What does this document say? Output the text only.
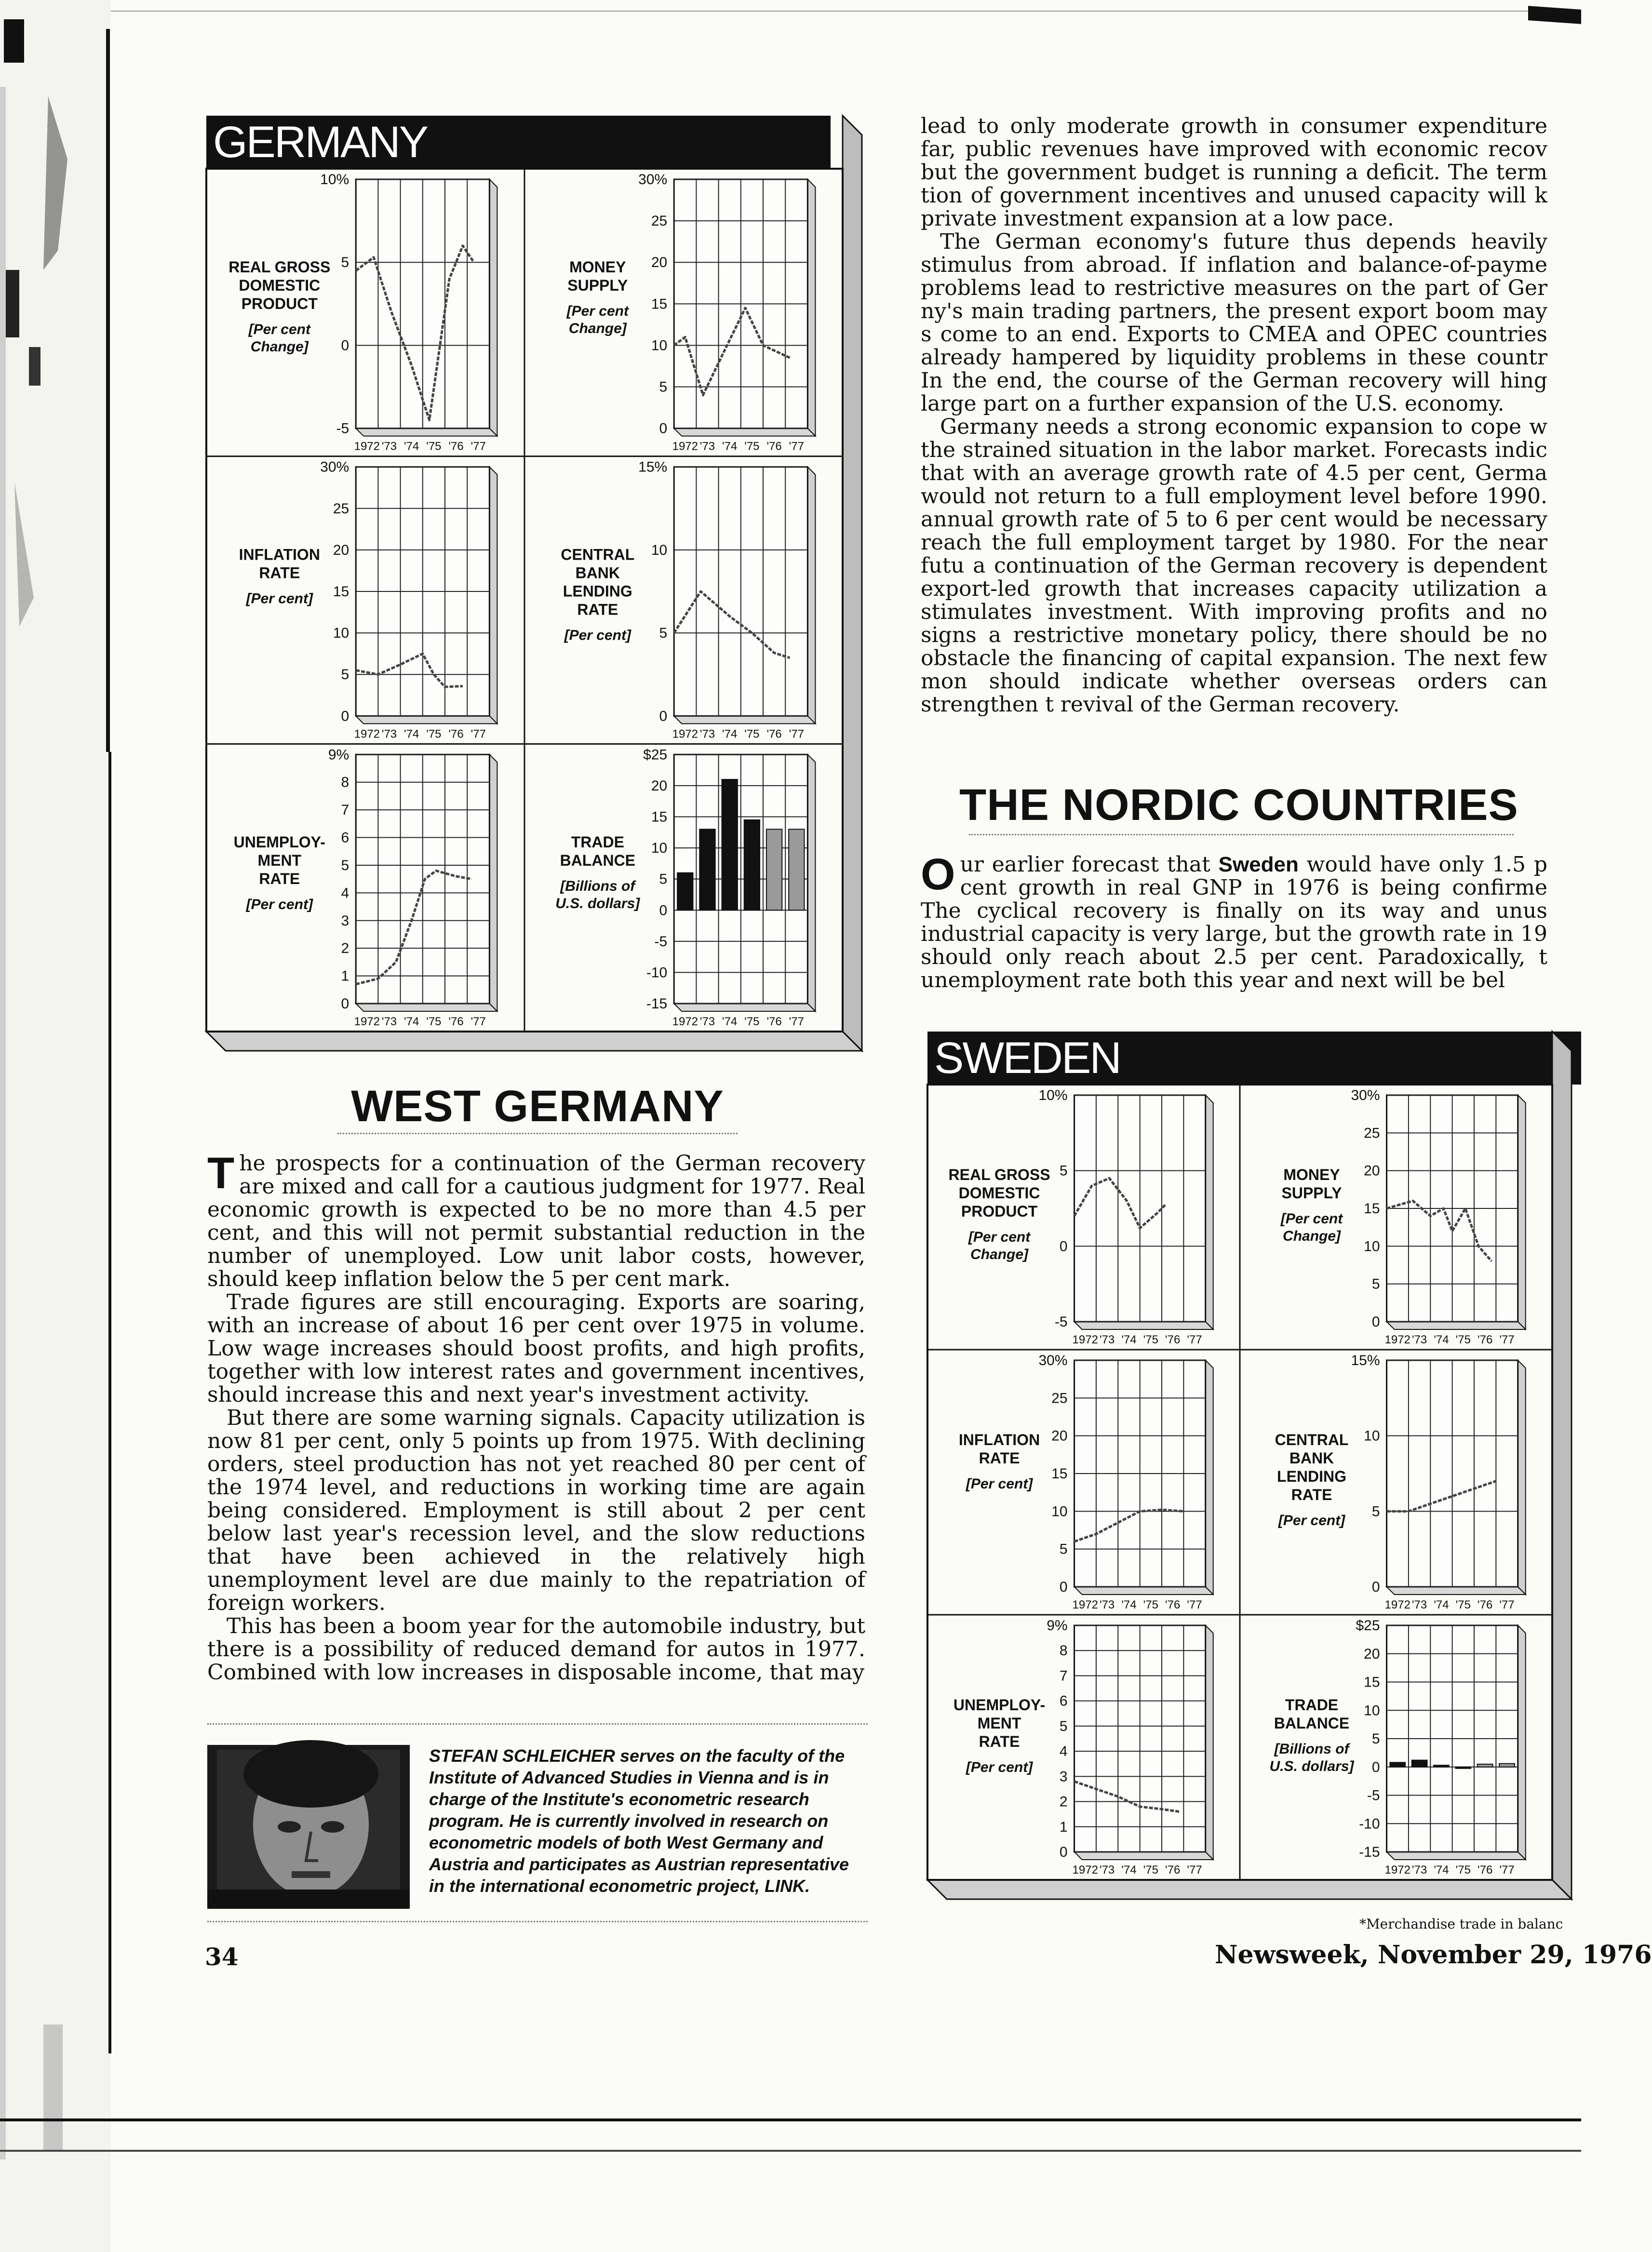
GERMANY
10%
5
0
-5
1972 '73 '74 '75 '76 '77
REAL GROSS
DOMESTIC
PRODUCT
[Per cent
Change]
30%
25
20
15
10
5
0
1972 '73 '74 '75 '76 '77
MONEY
SUPPLY
[Per cent
Change]
30%
25
20
15
10
5
0
1972 '73 '74 '75 '76 '77
INFLATION
RATE
[Per cent]
15%
10
5
0
1972 '73 '74 '75 '76 '77
CENTRAL
BANK
LENDING
RATE
[Per cent]
9%
8
7
6
5
4
3
2
1
0
1972 '73 '74 '75 '76 '77
UNEMPLOY-
MENT
RATE
[Per cent]
$25
20
15
10
5
0
-5
-10
-15
1972 '73 '74 '75 '76 '77
TRADE
BALANCE
[Billions of
U.S. dollars]
WEST GERMANY

The prospects for a continuation of the German recovery are mixed and call for a cautious judgment for 1977. Real economic growth is expected to be no more than 4.5 per cent, and this will not permit substantial reduction in the number of unemployed. Low unit labor costs, however, should keep inflation below the 5 per cent mark.

Trade figures are still encouraging. Exports are soaring, with an increase of about 16 per cent over 1975 in volume. Low wage increases should boost profits, and high profits, together with low interest rates and government incentives, should increase this and next year's investment activity.

But there are some warning signals. Capacity utilization is now 81 per cent, only 5 points up from 1975. With declining orders, steel production has not yet reached 80 per cent of the 1974 level, and reductions in working time are again being considered. Employment is still about 2 per cent below last year's recession level, and the slow reductions that have been achieved in the relatively high unemployment level are due mainly to the repatriation of foreign workers.

This has been a boom year for the automobile industry, but there is a possibility of reduced demand for autos in 1977. Combined with low increases in disposable income, that may

STEFAN SCHLEICHER serves on the faculty of the Institute of Advanced Studies in Vienna and is in charge of the Institute's econometric research program. He is currently involved in research on econometric models of both West Germany and Austria and participates as Austrian representative in the international econometric project, LINK.
34

lead to only moderate growth in consumer expenditure far, public revenues have improved with economic recov but the government budget is running a deficit. The term tion of government incentives and unused capacity will k private investment expansion at a low pace.

The German economy's future thus depends heavily stimulus from abroad. If inflation and balance-of-payme problems lead to restrictive measures on the part of Ger ny's main trading partners, the present export boom may s come to an end. Exports to CMEA and OPEC countries already hampered by liquidity problems in these countr In the end, the course of the German recovery will hing large part on a further expansion of the U.S. economy.

Germany needs a strong economic expansion to cope w the strained situation in the labor market. Forecasts indic that with an average growth rate of 4.5 per cent, Germa would not return to a full employment level before 1990. annual growth rate of 5 to 6 per cent would be necessary reach the full employment target by 1980. For the near futu a continuation of the German recovery is dependent export-led growth that increases capacity utilization a stimulates investment. With improving profits and no signs a restrictive monetary policy, there should be no obstacle the financing of capital expansion. The next few mon should indicate whether overseas orders can strengthen t revival of the German recovery.

THE NORDIC COUNTRIES

Our earlier forecast that Sweden would have only 1.5 p cent growth in real GNP in 1976 is being confirme The cyclical recovery is finally on its way and unus industrial capacity is very large, but the growth rate in 19 should only reach about 2.5 per cent. Paradoxically, t unemployment rate both this year and next will be bel

SWEDEN
10%
5
0
-5
1972 '73 '74 '75 '76 '77
REAL GROSS
DOMESTIC
PRODUCT
[Per cent
Change]
30%
25
20
15
10
5
0
1972 '73 '74 '75 '76 '77
MONEY
SUPPLY
[Per cent
Change]
30%
25
20
15
10
5
0
1972 '73 '74 '75 '76 '77
INFLATION
RATE
[Per cent]
15%
10
5
0
1972 '73 '74 '75 '76 '77
CENTRAL
BANK
LENDING
RATE
[Per cent]
9%
8
7
6
5
4
3
2
1
0
1972 '73 '74 '75 '76 '77
UNEMPLOY-
MENT
RATE
[Per cent]
$25
20
15
10
5
0
-5
-10
-15
1972 '73 '74 '75 '76 '77
TRADE
BALANCE
[Billions of
U.S. dollars]
*Merchandise trade in balanc
Newsweek, November 29, 1976
